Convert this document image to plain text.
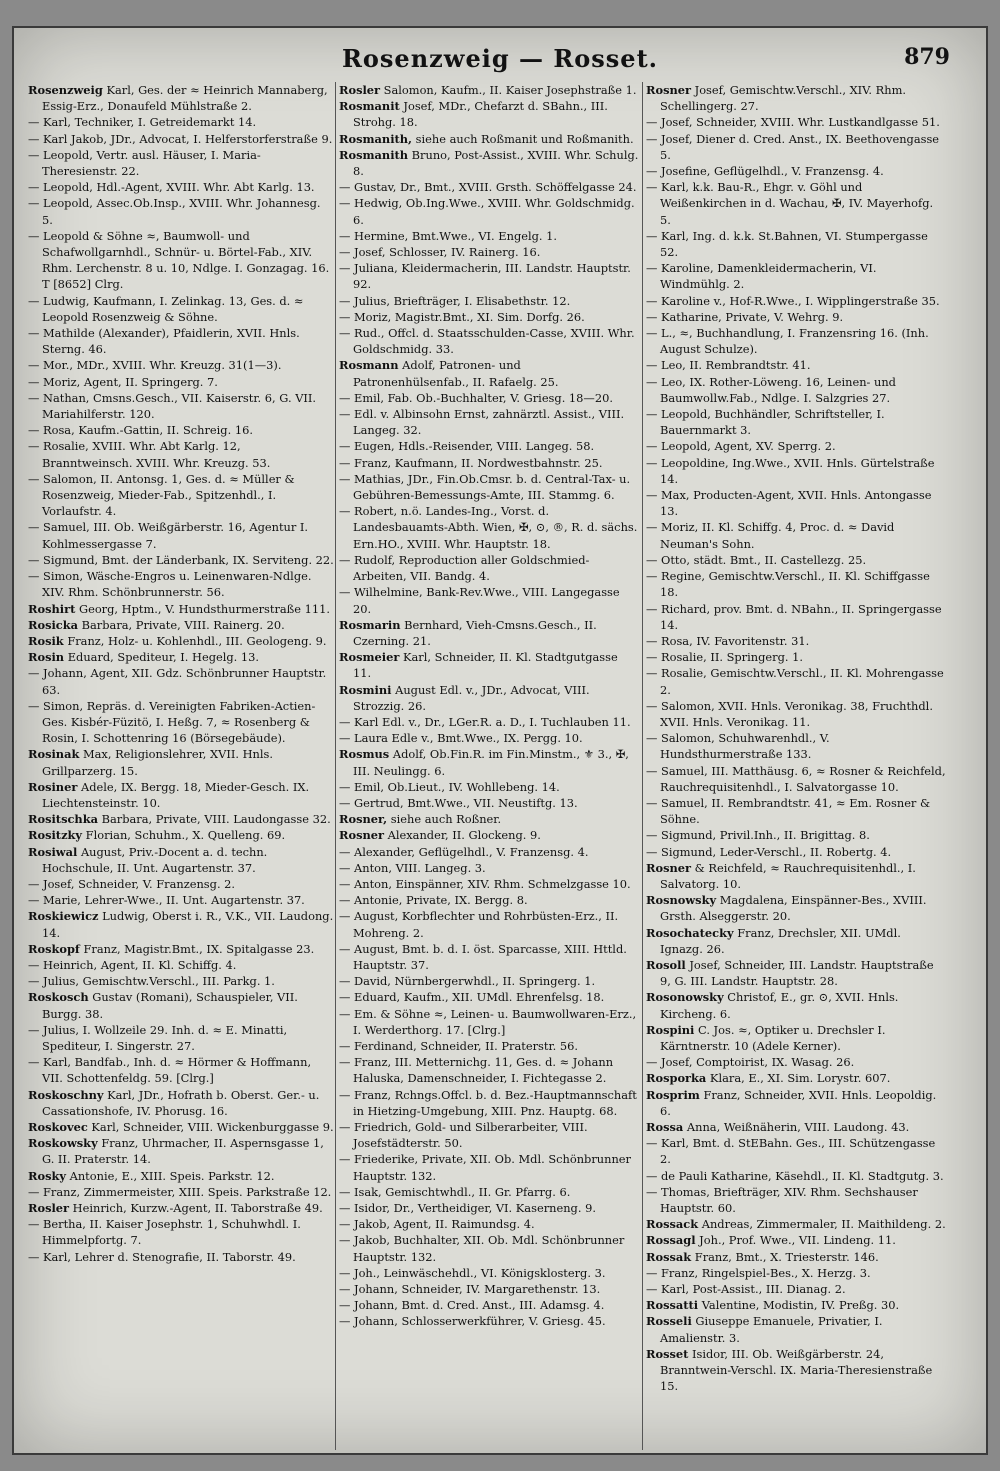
Rosenzweig — Rosset.	879

Rosenzweig Karl, Ges. der ≈ Heinrich Mannaberg, Essig-Erz., Donaufeld Mühlstraße 2.

— Karl, Techniker, I. Getreidemarkt 14.

— Karl Jakob, JDr., Advocat, I. Helferstorferstraße 9.

— Leopold, Vertr. ausl. Häuser, I. Maria-Theresienstr. 22.

— Leopold, Hdl.-Agent, XVIII. Whr. Abt Karlg. 13.

— Leopold, Assec.Ob.Insp., XVIII. Whr. Johannesg. 5.

— Leopold & Söhne ≈, Baumwoll- und Schafwollgarnhdl., Schnür- u. Börtel-Fab., XIV. Rhm. Lerchenstr. 8 u. 10, Ndlge. I. Gonzagag. 16. T [8652] Clrg.

— Ludwig, Kaufmann, I. Zelinkag. 13, Ges. d. ≈ Leopold Rosenzweig & Söhne.

— Mathilde (Alexander), Pfaidlerin, XVII. Hnls. Sterng. 46.

— Mor., MDr., XVIII. Whr. Kreuzg. 31(1—3).

— Moriz, Agent, II. Springerg. 7.

— Nathan, Cmsns.Gesch., VII. Kaiserstr. 6, G. VII. Mariahilferstr. 120.

— Rosa, Kaufm.-Gattin, II. Schreig. 16.

— Rosalie, XVIII. Whr. Abt Karlg. 12, Branntweinsch. XVIII. Whr. Kreuzg. 53.

— Salomon, II. Antonsg. 1, Ges. d. ≈ Müller & Rosenzweig, Mieder-Fab., Spitzenhdl., I. Vorlaufstr. 4.

— Samuel, III. Ob. Weißgärberstr. 16, Agentur I. Kohlmessergasse 7.

— Sigmund, Bmt. der Länderbank, IX. Serviteng. 22.

— Simon, Wäsche-Engros u. Leinenwaren-Ndlge. XIV. Rhm. Schönbrunnerstr. 56.

Roshirt Georg, Hptm., V. Hundsthurmerstraße 111.

Rosicka Barbara, Private, VIII. Rainerg. 20.

Rosik Franz, Holz- u. Kohlenhdl., III. Geologeng. 9.

Rosin Eduard, Spediteur, I. Hegelg. 13.

— Johann, Agent, XII. Gdz. Schönbrunner Hauptstr. 63.

— Simon, Repräs. d. Vereinigten Fabriken-Actien-Ges. Kisbér-Füzitö, I. Heßg. 7, ≈ Rosenberg & Rosin, I. Schottenring 16 (Börsegebäude).

Rosinak Max, Religionslehrer, XVII. Hnls. Grillparzerg. 15.

Rosiner Adele, IX. Bergg. 18, Mieder-Gesch. IX. Liechtensteinstr. 10.

Rositschka Barbara, Private, VIII. Laudongasse 32.

Rositzky Florian, Schuhm., X. Quelleng. 69.

Rosiwal August, Priv.-Docent a. d. techn. Hochschule, II. Unt. Augartenstr. 37.

— Josef, Schneider, V. Franzensg. 2.

— Marie, Lehrer-Wwe., II. Unt. Augartenstr. 37.

Roskiewicz Ludwig, Oberst i. R., V.K., VII. Laudong. 14.

Roskopf Franz, Magistr.Bmt., IX. Spitalgasse 23.

— Heinrich, Agent, II. Kl. Schiffg. 4.

— Julius, Gemischtw.Verschl., III. Parkg. 1.

Roskosch Gustav (Romani), Schauspieler, VII. Burgg. 38.

— Julius, I. Wollzeile 29. Inh. d. ≈ E. Minatti, Spediteur, I. Singerstr. 27.

— Karl, Bandfab., Inh. d. ≈ Hörmer & Hoffmann, VII. Schottenfeldg. 59. [Clrg.]

Roskoschny Karl, JDr., Hofrath b. Oberst. Ger.- u. Cassationshofe, IV. Phorusg. 16.

Roskovec Karl, Schneider, VIII. Wickenburggasse 9.

Roskowsky Franz, Uhrmacher, II. Aspernsgasse 1, G. II. Praterstr. 14.

Rosky Antonie, E., XIII. Speis. Parkstr. 12.

— Franz, Zimmermeister, XIII. Speis. Parkstraße 12.

Rosler Heinrich, Kurzw.-Agent, II. Taborstraße 49.

— Bertha, II. Kaiser Josephstr. 1, Schuhwhdl. I. Himmelpfortg. 7.

— Karl, Lehrer d. Stenografie, II. Taborstr. 49.

Rosler Salomon, Kaufm., II. Kaiser Josephstraße 1.

Rosmanit Josef, MDr., Chefarzt d. SBahn., III. Strohg. 18.

Rosmanith, siehe auch Roßmanit und Roßmanith.

Rosmanith Bruno, Post-Assist., XVIII. Whr. Schulg. 8.

— Gustav, Dr., Bmt., XVIII. Grsth. Schöffelgasse 24.

— Hedwig, Ob.Ing.Wwe., XVIII. Whr. Goldschmidg. 6.

— Hermine, Bmt.Wwe., VI. Engelg. 1.

— Josef, Schlosser, IV. Rainerg. 16.

— Juliana, Kleidermacherin, III. Landstr. Hauptstr. 92.

— Julius, Briefträger, I. Elisabethstr. 12.

— Moriz, Magistr.Bmt., XI. Sim. Dorfg. 26.

— Rud., Offcl. d. Staatsschulden-Casse, XVIII. Whr. Goldschmidg. 33.

Rosmann Adolf, Patronen- und Patronenhülsenfab., II. Rafaelg. 25.

— Emil, Fab. Ob.-Buchhalter, V. Griesg. 18—20.

— Edl. v. Albinsohn Ernst, zahnärztl. Assist., VIII. Langeg. 32.

— Eugen, Hdls.-Reisender, VIII. Langeg. 58.

— Franz, Kaufmann, II. Nordwestbahnstr. 25.

— Mathias, JDr., Fin.Ob.Cmsr. b. d. Central-Tax- u. Gebühren-Bemessungs-Amte, III. Stammg. 6.

— Robert, n.ö. Landes-Ing., Vorst. d. Landesbauamts-Abth. Wien, ✠, ⊙, ®, R. d. sächs. Ern.HO., XVIII. Whr. Hauptstr. 18.

— Rudolf, Reproduction aller Goldschmied-Arbeiten, VII. Bandg. 4.

— Wilhelmine, Bank-Rev.Wwe., VIII. Langegasse 20.

Rosmarin Bernhard, Vieh-Cmsns.Gesch., II. Czerning. 21.

Rosmeier Karl, Schneider, II. Kl. Stadtgutgasse 11.

Rosmini August Edl. v., JDr., Advocat, VIII. Strozzig. 26.

— Karl Edl. v., Dr., LGer.R. a. D., I. Tuchlauben 11.

— Laura Edle v., Bmt.Wwe., IX. Pergg. 10.

Rosmus Adolf, Ob.Fin.R. im Fin.Minstm., ⚜ 3., ✠, III. Neulingg. 6.

— Emil, Ob.Lieut., IV. Wohllebeng. 14.

— Gertrud, Bmt.Wwe., VII. Neustiftg. 13.

Rosner, siehe auch Roßner.

Rosner Alexander, II. Glockeng. 9.

— Alexander, Geflügelhdl., V. Franzensg. 4.

— Anton, VIII. Langeg. 3.

— Anton, Einspänner, XIV. Rhm. Schmelzgasse 10.

— Antonie, Private, IX. Bergg. 8.

— August, Korbflechter und Rohrbüsten-Erz., II. Mohreng. 2.

— August, Bmt. b. d. I. öst. Sparcasse, XIII. Httld. Hauptstr. 37.

— David, Nürnbergerwhdl., II. Springerg. 1.

— Eduard, Kaufm., XII. UMdl. Ehrenfelsg. 18.

— Em. & Söhne ≈, Leinen- u. Baumwollwaren-Erz., I. Werderthorg. 17. [Clrg.]

— Ferdinand, Schneider, II. Praterstr. 56.

— Franz, III. Metternichg. 11, Ges. d. ≈ Johann Haluska, Damenschneider, I. Fichtegasse 2.

— Franz, Rchngs.Offcl. b. d. Bez.-Hauptmannschaft in Hietzing-Umgebung, XIII. Pnz. Hauptg. 68.

— Friedrich, Gold- und Silberarbeiter, VIII. Josefstädterstr. 50.

— Friederike, Private, XII. Ob. Mdl. Schönbrunner Hauptstr. 132.

— Isak, Gemischtwhdl., II. Gr. Pfarrg. 6.

— Isidor, Dr., Vertheidiger, VI. Kaserneng. 9.

— Jakob, Agent, II. Raimundsg. 4.

— Jakob, Buchhalter, XII. Ob. Mdl. Schönbrunner Hauptstr. 132.

— Joh., Leinwäschehdl., VI. Königsklosterg. 3.

— Johann, Schneider, IV. Margarethenstr. 13.

— Johann, Bmt. d. Cred. Anst., III. Adamsg. 4.

— Johann, Schlosserwerkführer, V. Griesg. 45.

Rosner Josef, Gemischtw.Verschl., XIV. Rhm. Schellingerg. 27.

— Josef, Schneider, XVIII. Whr. Lustkandlgasse 51.

— Josef, Diener d. Cred. Anst., IX. Beethovengasse 5.

— Josefine, Geflügelhdl., V. Franzensg. 4.

— Karl, k.k. Bau-R., Ehgr. v. Göhl und Weißenkirchen in d. Wachau, ✠, IV. Mayerhofg. 5.

— Karl, Ing. d. k.k. St.Bahnen, VI. Stumpergasse 52.

— Karoline, Damenkleidermacherin, VI. Windmühlg. 2.

— Karoline v., Hof-R.Wwe., I. Wipplingerstraße 35.

— Katharine, Private, V. Wehrg. 9.

— L., ≈, Buchhandlung, I. Franzensring 16. (Inh. August Schulze).

— Leo, II. Rembrandtstr. 41.

— Leo, IX. Rother-Löweng. 16, Leinen- und Baumwollw.Fab., Ndlge. I. Salzgries 27.

— Leopold, Buchhändler, Schriftsteller, I. Bauernmarkt 3.

— Leopold, Agent, XV. Sperrg. 2.

— Leopoldine, Ing.Wwe., XVII. Hnls. Gürtelstraße 14.

— Max, Producten-Agent, XVII. Hnls. Antongasse 13.

— Moriz, II. Kl. Schiffg. 4, Proc. d. ≈ David Neuman's Sohn.

— Otto, städt. Bmt., II. Castellezg. 25.

— Regine, Gemischtw.Verschl., II. Kl. Schiffgasse 18.

— Richard, prov. Bmt. d. NBahn., II. Springergasse 14.

— Rosa, IV. Favoritenstr. 31.

— Rosalie, II. Springerg. 1.

— Rosalie, Gemischtw.Verschl., II. Kl. Mohrengasse 2.

— Salomon, XVII. Hnls. Veronikag. 38, Fruchthdl. XVII. Hnls. Veronikag. 11.

— Salomon, Schuhwarenhdl., V. Hundsthurmerstraße 133.

— Samuel, III. Matthäusg. 6, ≈ Rosner & Reichfeld, Rauchrequisitenhdl., I. Salvatorgasse 10.

— Samuel, II. Rembrandtstr. 41, ≈ Em. Rosner & Söhne.

— Sigmund, Privil.Inh., II. Brigittag. 8.

— Sigmund, Leder-Verschl., II. Robertg. 4.

Rosner & Reichfeld, ≈ Rauchrequisitenhdl., I. Salvatorg. 10.

Rosnowsky Magdalena, Einspänner-Bes., XVIII. Grsth. Alseggerstr. 20.

Rosochatecky Franz, Drechsler, XII. UMdl. Ignazg. 26.

Rosoll Josef, Schneider, III. Landstr. Hauptstraße 9, G. III. Landstr. Hauptstr. 28.

Rosonowsky Christof, E., gr. ⊙, XVII. Hnls. Kircheng. 6.

Rospini C. Jos. ≈, Optiker u. Drechsler I. Kärntnerstr. 10 (Adele Kerner).

— Josef, Comptoirist, IX. Wasag. 26.

Rosporka Klara, E., XI. Sim. Lorystr. 607.

Rosprim Franz, Schneider, XVII. Hnls. Leopoldig. 6.

Rossa Anna, Weißnäherin, VIII. Laudong. 43.

— Karl, Bmt. d. StEBahn. Ges., III. Schützengasse 2.

— de Pauli Katharine, Käsehdl., II. Kl. Stadtgutg. 3.

— Thomas, Briefträger, XIV. Rhm. Sechshauser Hauptstr. 60.

Rossack Andreas, Zimmermaler, II. Maithildeng. 2.

Rossagl Joh., Prof. Wwe., VII. Lindeng. 11.

Rossak Franz, Bmt., X. Triesterstr. 146.

— Franz, Ringelspiel-Bes., X. Herzg. 3.

— Karl, Post-Assist., III. Dianag. 2.

Rossatti Valentine, Modistin, IV. Preßg. 30.

Rosseli Giuseppe Emanuele, Privatier, I. Amalienstr. 3.

Rosset Isidor, III. Ob. Weißgärberstr. 24, Branntwein-Verschl. IX. Maria-Theresienstraße 15.
